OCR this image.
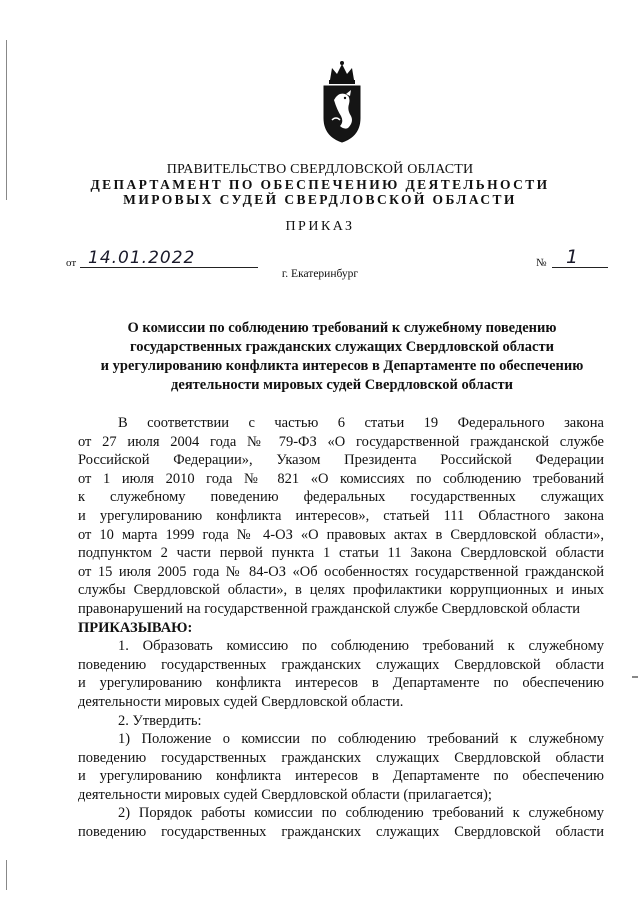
ПРАВИТЕЛЬСТВО СВЕРДЛОВСКОЙ ОБЛАСТИ
ДЕПАРТАМЕНТ ПО ОБЕСПЕЧЕНИЮ ДЕЯТЕЛЬНОСТИ
МИРОВЫХ СУДЕЙ СВЕРДЛОВСКОЙ ОБЛАСТИ
ПРИКАЗ
от 14.01.2022	№ 1
г. Екатеринбург
О комиссии по соблюдению требований к служебному поведению
государственных гражданских служащих Свердловской области
и урегулированию конфликта интересов в Департаменте по обеспечению
деятельности мировых судей Свердловской области
В соответствии с частью 6 статьи 19 Федерального закона
от 27 июля 2004 года № 79-ФЗ «О государственной гражданской службе
Российской Федерации», Указом Президента Российской Федерации
от 1 июля 2010 года № 821 «О комиссиях по соблюдению требований
к служебному поведению федеральных государственных служащих
и урегулированию конфликта интересов», статьей 111 Областного закона
от 10 марта 1999 года № 4-ОЗ «О правовых актах в Свердловской области»,
подпунктом 2 части первой пункта 1 статьи 11 Закона Свердловской области
от 15 июля 2005 года № 84-ОЗ «Об особенностях государственной гражданской
службы Свердловской области», в целях профилактики коррупционных и иных
правонарушений на государственной гражданской службе Свердловской области
ПРИКАЗЫВАЮ:
1. Образовать комиссию по соблюдению требований к служебному
поведению государственных гражданских служащих Свердловской области
и урегулированию конфликта интересов в Департаменте по обеспечению
деятельности мировых судей Свердловской области.
2. Утвердить:
1) Положение о комиссии по соблюдению требований к служебному
поведению государственных гражданских служащих Свердловской области
и урегулированию конфликта интересов в Департаменте по обеспечению
деятельности мировых судей Свердловской области (прилагается);
2) Порядок работы комиссии по соблюдению требований к служебному
поведению государственных гражданских служащих Свердловской области
